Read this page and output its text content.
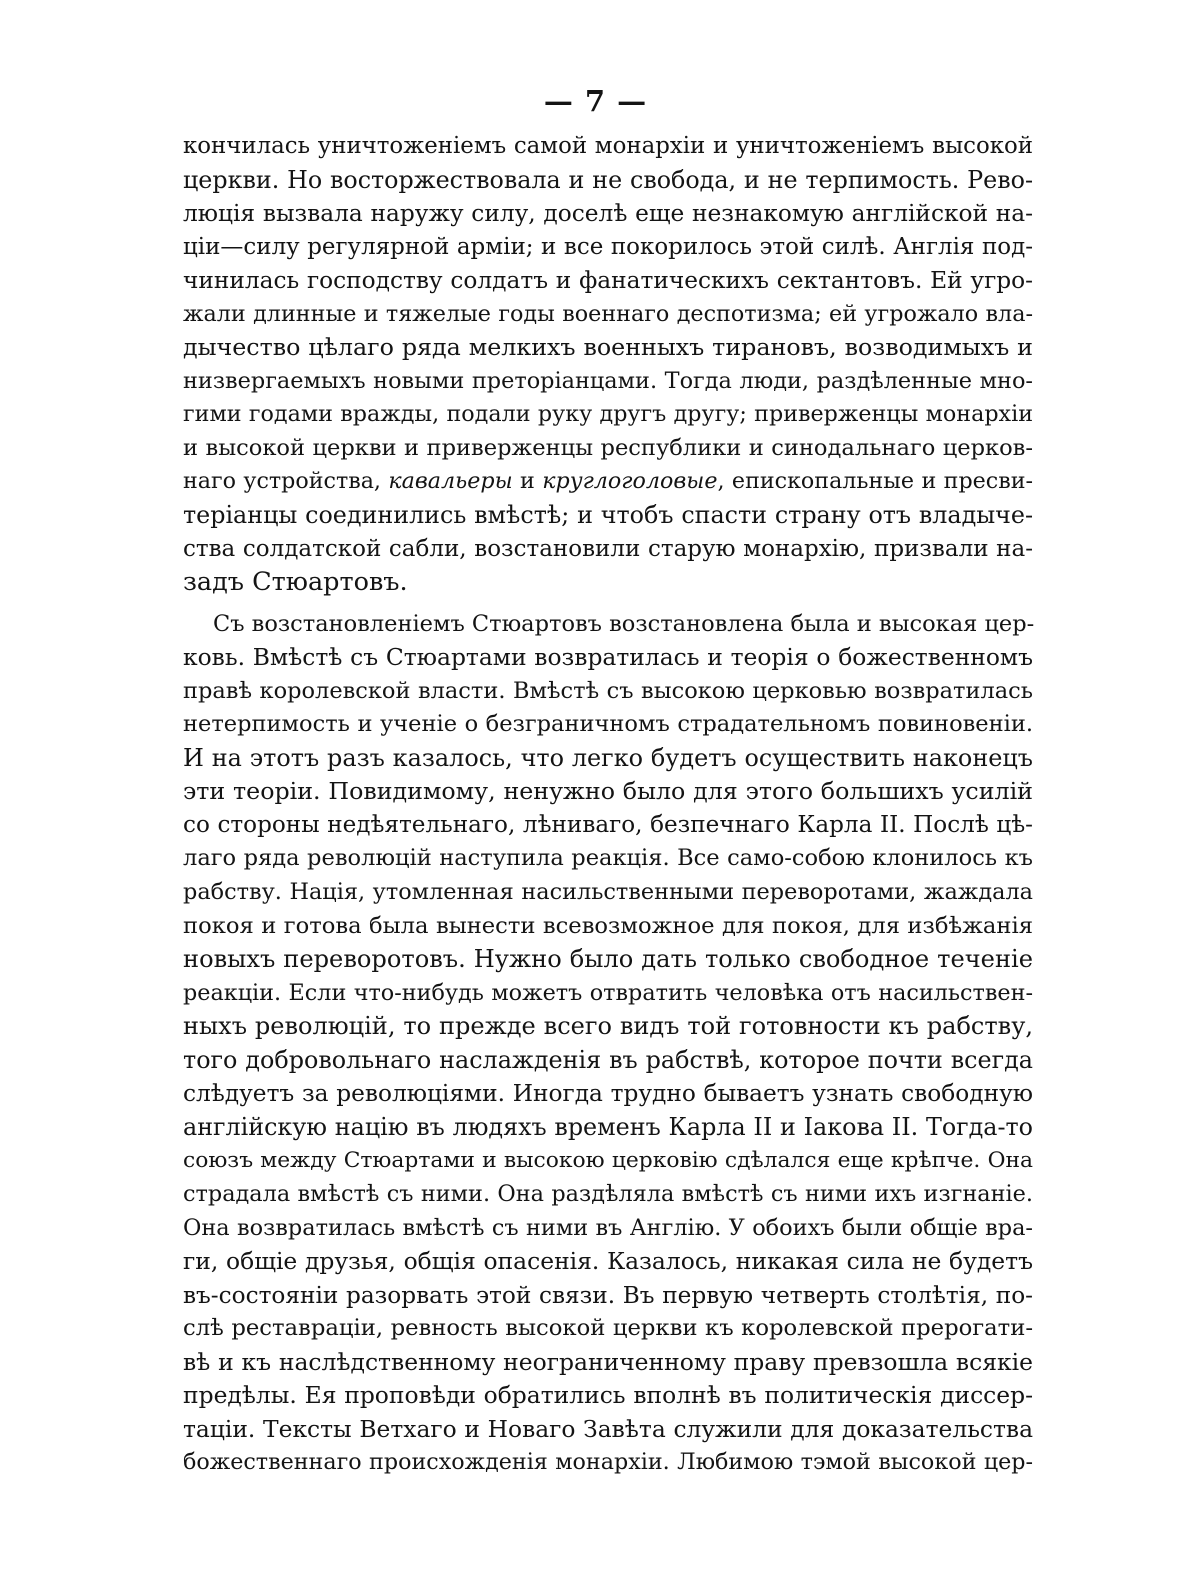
— 7 —
кончилась уничтоженіемъ самой монархіи и уничтоженіемъ высокой
церкви. Но восторжествовала и не свобода, и не терпимость. Рево-
люція вызвала наружу силу, доселѣ еще незнакомую англійской на-
ціи—силу регулярной арміи; и все покорилось этой силѣ. Англія под-
чинилась господству солдатъ и фанатическихъ сектантовъ. Ей угро-
жали длинные и тяжелые годы военнаго деспотизма; ей угрожало вла-
дычество цѣлаго ряда мелкихъ военныхъ тирановъ, возводимыхъ и
низвергаемыхъ новыми преторіанцами. Тогда люди, раздѣленные мно-
гими годами вражды, подали руку другъ другу; приверженцы монархіи
и высокой церкви и приверженцы республики и синодальнаго церков-
наго устройства, кавальеры и круглоголовые, епископальные и пресви-
теріанцы соединились вмѣстѣ; и чтобъ спасти страну отъ владыче-
ства солдатской сабли, возстановили старую монархію, призвали на-
задъ Стюартовъ.
Съ возстановленіемъ Стюартовъ возстановлена была и высокая цер-
ковь. Вмѣстѣ съ Стюартами возвратилась и теорія о божественномъ
правѣ королевской власти. Вмѣстѣ съ высокою церковью возвратилась
нетерпимость и ученіе о безграничномъ страдательномъ повиновеніи.
И на этотъ разъ казалось, что легко будетъ осуществить наконецъ
эти теоріи. Повидимому, ненужно было для этого большихъ усилій
со стороны недѣятельнаго, лѣниваго, безпечнаго Карла II. Послѣ цѣ-
лаго ряда революцій наступила реакція. Все само-собою клонилось къ
рабству. Нація, утомленная насильственными переворотами, жаждала
покоя и готова была вынести всевозможное для покоя, для избѣжанія
новыхъ переворотовъ. Нужно было дать только свободное теченіе
реакціи. Если что-нибудь можетъ отвратить человѣка отъ насильствен-
ныхъ революцій, то прежде всего видъ той готовности къ рабству,
того добровольнаго наслажденія въ рабствѣ, которое почти всегда
слѣдуетъ за революціями. Иногда трудно бываетъ узнать свободную
англійскую націю въ людяхъ временъ Карла II и Іакова II. Тогда-то
союзъ между Стюартами и высокою церковію сдѣлался еще крѣпче. Она
страдала вмѣстѣ съ ними. Она раздѣляла вмѣстѣ съ ними ихъ изгнаніе.
Она возвратилась вмѣстѣ съ ними въ Англію. У обоихъ были общіе вра-
ги, общіе друзья, общія опасенія. Казалось, никакая сила не будетъ
въ-состояніи разорвать этой связи. Въ первую четверть столѣтія, по-
слѣ реставраціи, ревность высокой церкви къ королевской прерогати-
вѣ и къ наслѣдственному неограниченному праву превзошла всякіе
предѣлы. Ея проповѣди обратились вполнѣ въ политическія диссер-
таціи. Тексты Ветхаго и Новаго Завѣта служили для доказательства
божественнаго происхожденія монархіи. Любимою тэмой высокой цер-
